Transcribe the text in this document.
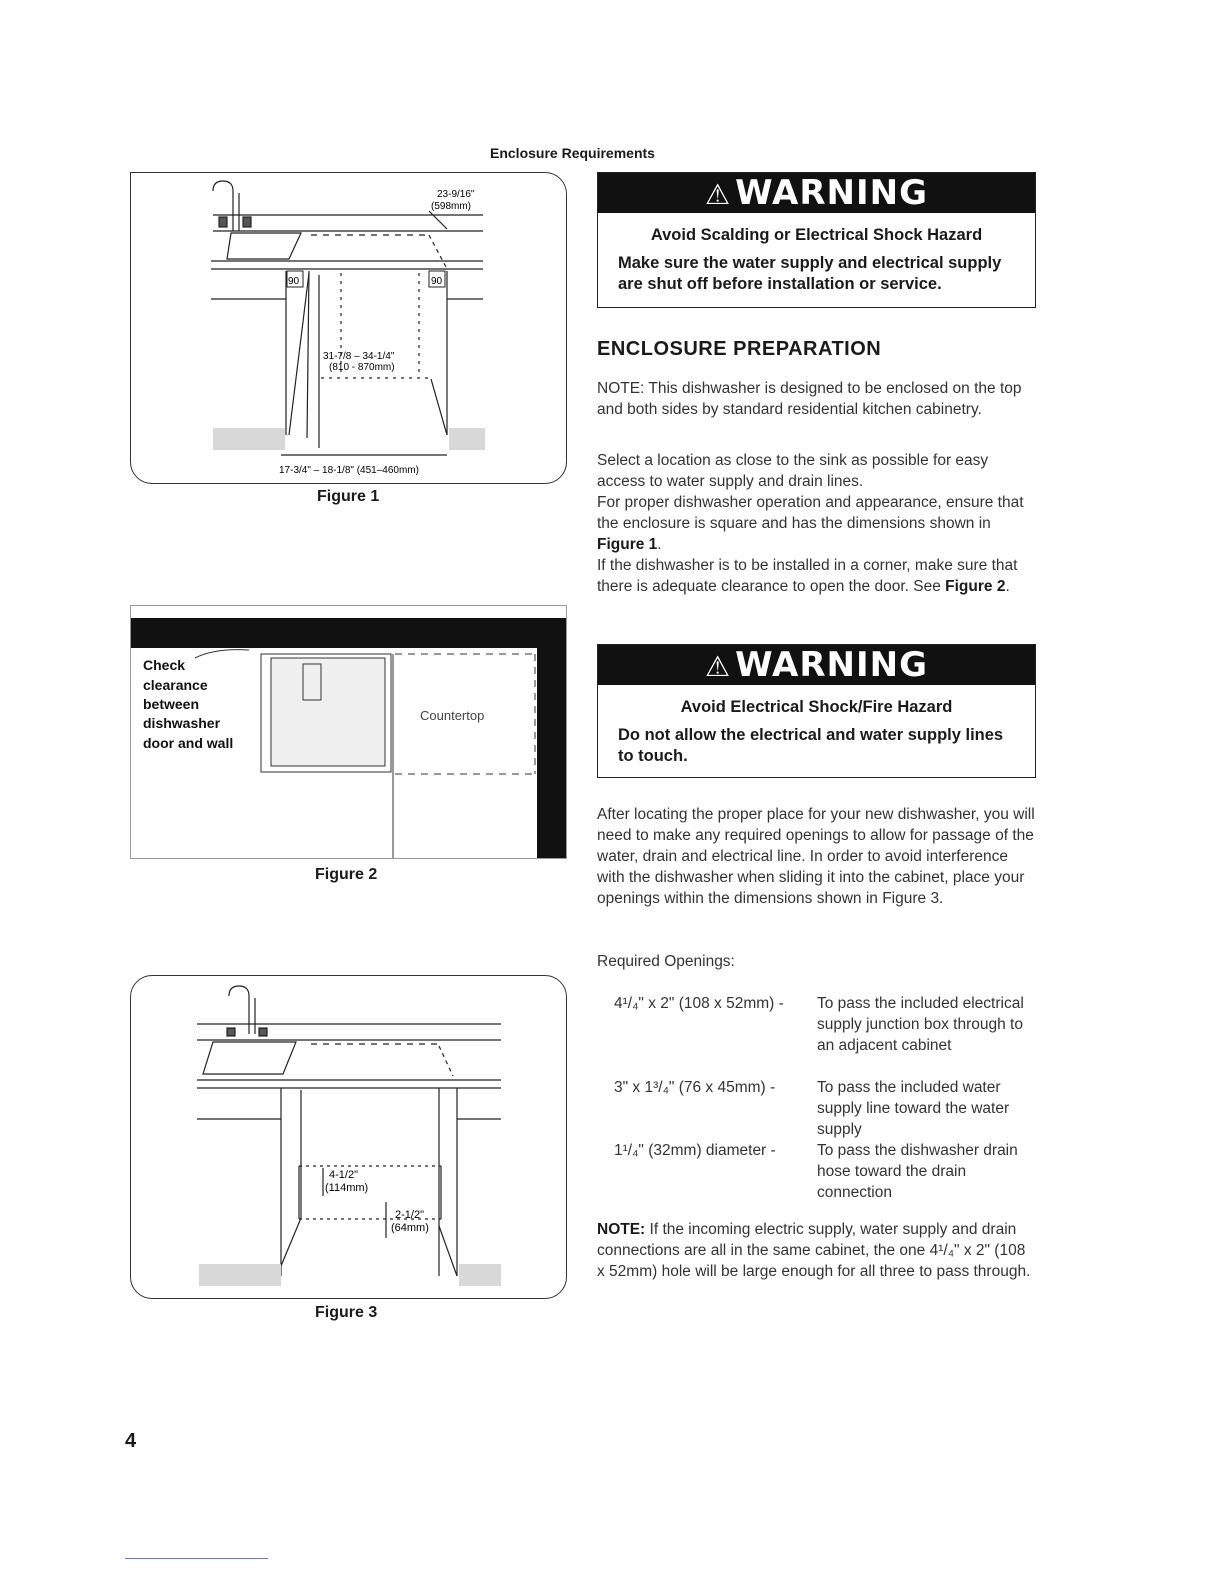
Enclosure Requirements
90	90
23-9/16"
(598mm)
31-7/8 – 34-1/4"
(810 - 870mm)
17-3/4" – 18-1/8" (451–460mm)
Figure 1
Countertop
Check
clearance
between
dishwasher
door and wall
Figure 2
4-1/2"
(114mm)
2-1/2"
(64mm)
Figure 3
⚠ WARNING
Avoid Scalding or Electrical Shock Hazard
Make sure the water supply and electrical supply are shut off before installation or service.
ENCLOSURE PREPARATION
NOTE: This dishwasher is designed to be enclosed on the top and both sides by standard residential kitchen cabinetry.
Select a location as close to the sink as possible for easy access to water supply and drain lines.
For proper dishwasher operation and appearance, ensure that the enclosure is square and has the dimensions shown in Figure 1.
If the dishwasher is to be installed in a corner, make sure that there is adequate clearance to open the door. See Figure 2.
⚠ WARNING
Avoid Electrical Shock/Fire Hazard
Do not allow the electrical and water supply lines to touch.
After locating the proper place for your new dishwasher, you will need to make any required openings to allow for passage of the water, drain and electrical line. In order to avoid interference with the dishwasher when sliding it into the cabinet, place your openings within the dimensions shown in Figure 3.
Required Openings:
4¹/₄" x 2" (108 x 52mm) - To pass the included electrical supply junction box through to an adjacent cabinet
3" x 1³/₄" (76 x 45mm) -	To pass the included water supply line toward the water supply
1¹/₄" (32mm) diameter -	To pass the dishwasher drain hose toward the drain connection
NOTE: If the incoming electric supply, water supply and drain connections are all in the same cabinet, the one 4¹/₄" x 2" (108 x 52mm) hole will be large enough for all three to pass through.
4
